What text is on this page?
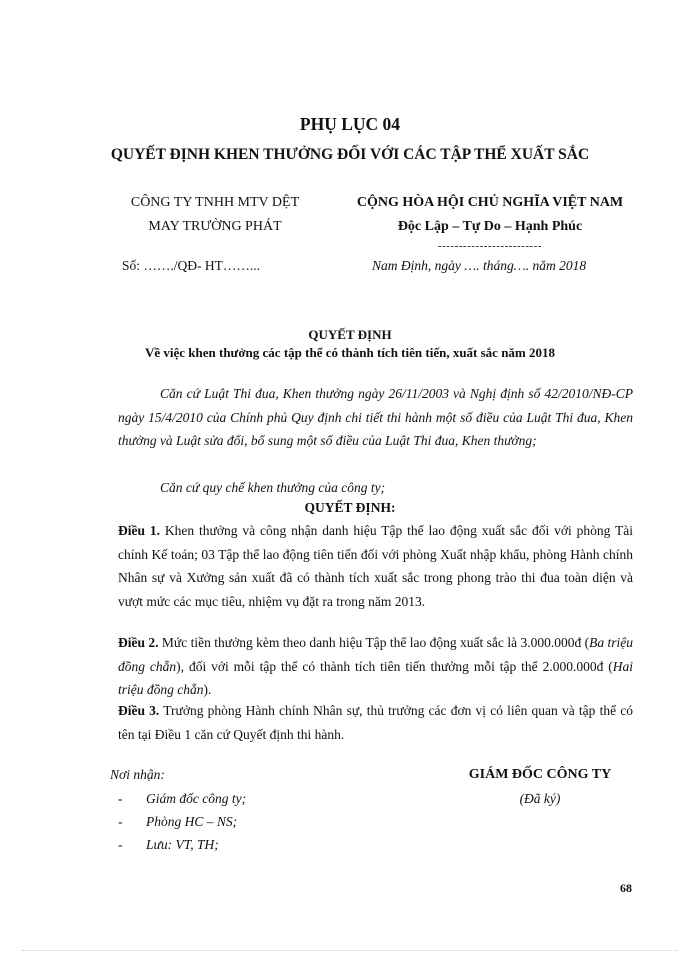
PHỤ LỤC 04
QUYẾT ĐỊNH KHEN THƯỞNG ĐỐI VỚI CÁC TẬP THỂ XUẤT SẮC
CÔNG TY TNHH MTV DỆT
MAY TRƯỜNG PHÁT
CỘNG HÒA HỘI CHỦ NGHĨA VIỆT NAM
Độc Lập – Tự Do – Hạnh Phúc
-------------------------
Số: ……./QĐ- HT……...	Nam Định, ngày …. tháng…. năm 2018
QUYẾT ĐỊNH
Về việc khen thưởng các tập thể có thành tích tiên tiến, xuất sắc năm 2018
Căn cứ Luật Thi đua, Khen thưởng ngày 26/11/2003 và Nghị định số 42/2010/NĐ-CP ngày 15/4/2010 của Chính phủ Quy định chi tiết thi hành một số điều của Luật Thi đua, Khen thưởng và Luật sửa đổi, bổ sung một số điều của Luật Thi đua, Khen thưởng;
Căn cứ quy chế khen thưởng của công ty;
QUYẾT ĐỊNH:
Điều 1. Khen thưởng và công nhận danh hiệu Tập thể lao động xuất sắc đối với phòng Tài chính Kế toán; 03 Tập thể lao động tiên tiến đối với phòng Xuất nhập khẩu, phòng Hành chính Nhân sự và Xưởng sản xuất đã có thành tích xuất sắc trong phong trào thi đua toàn diện và vượt mức các mục tiêu, nhiệm vụ đặt ra trong năm 2013.
Điều 2. Mức tiền thưởng kèm theo danh hiệu Tập thể lao động xuất sắc là 3.000.000đ (Ba triệu đồng chẵn), đối với mỗi tập thể có thành tích tiên tiến thưởng mỗi tập thể 2.000.000đ (Hai triệu đồng chẵn).
Điều 3. Trưởng phòng Hành chính Nhân sự, thủ trưởng các đơn vị có liên quan và tập thể có tên tại Điều 1 căn cứ Quyết định thi hành.
Nơi nhận:
- Giám đốc công ty;
- Phòng HC – NS;
- Lưu: VT, TH;
GIÁM ĐỐC CÔNG TY
(Đã ký)
68
